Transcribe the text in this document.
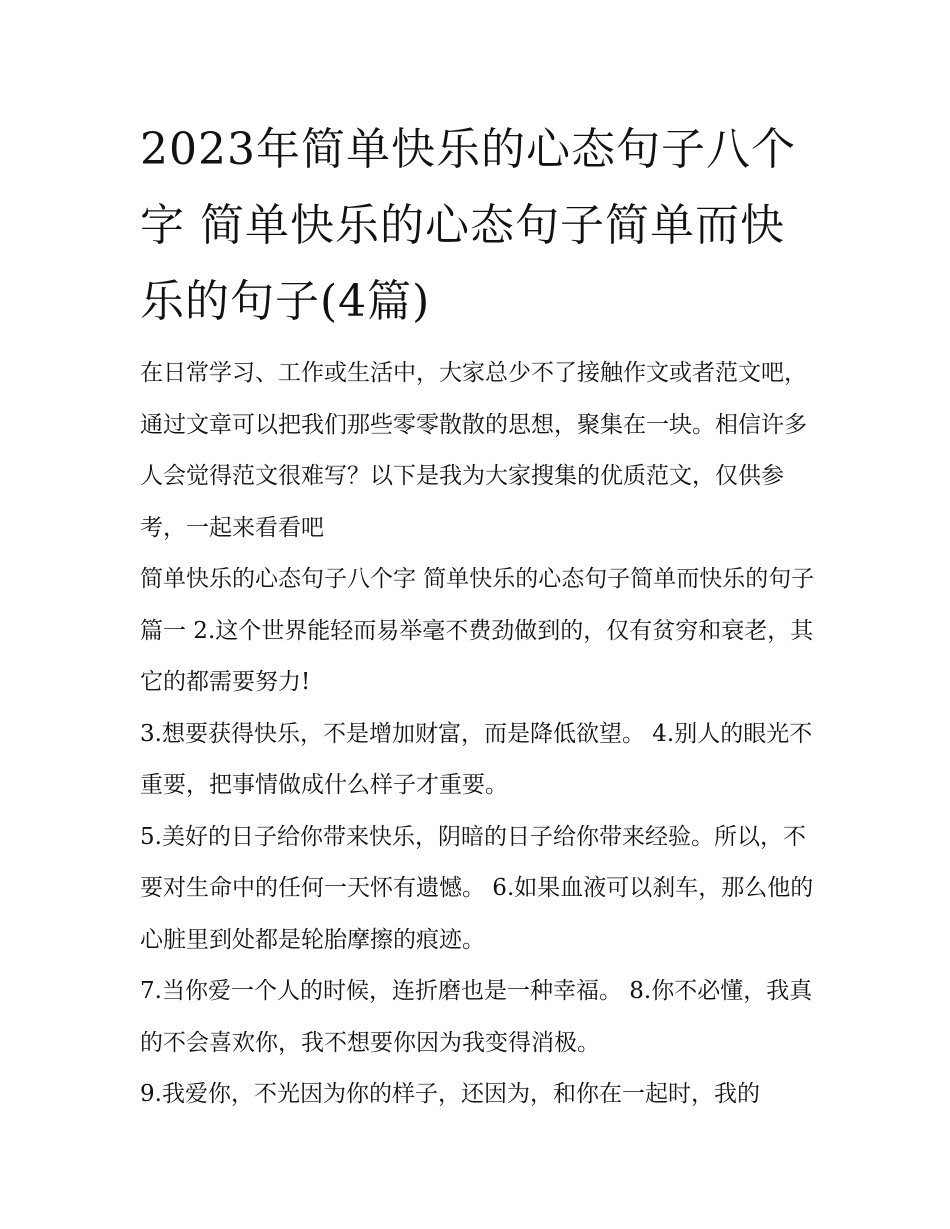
2023年简单快乐的心态句子八个字 简单快乐的心态句子简单而快乐的句子(4篇)

在日常学习、工作或生活中，大家总少不了接触作文或者范文吧，通过文章可以把我们那些零零散散的思想，聚集在一块。相信许多人会觉得范文很难写？以下是我为大家搜集的优质范文，仅供参考，一起来看看吧

简单快乐的心态句子八个字 简单快乐的心态句子简单而快乐的句子篇一 2.这个世界能轻而易举毫不费劲做到的，仅有贫穷和衰老，其它的都需要努力!

3.想要获得快乐，不是增加财富，而是降低欲望。 4.别人的眼光不重要，把事情做成什么样子才重要。

5.美好的日子给你带来快乐，阴暗的日子给你带来经验。所以，不要对生命中的任何一天怀有遗憾。 6.如果血液可以刹车，那么他的心脏里到处都是轮胎摩擦的痕迹。

7.当你爱一个人的时候，连折磨也是一种幸福。 8.你不必懂，我真的不会喜欢你，我不想要你因为我变得消极。

9.我爱你，不光因为你的样子，还因为，和你在一起时，我的
